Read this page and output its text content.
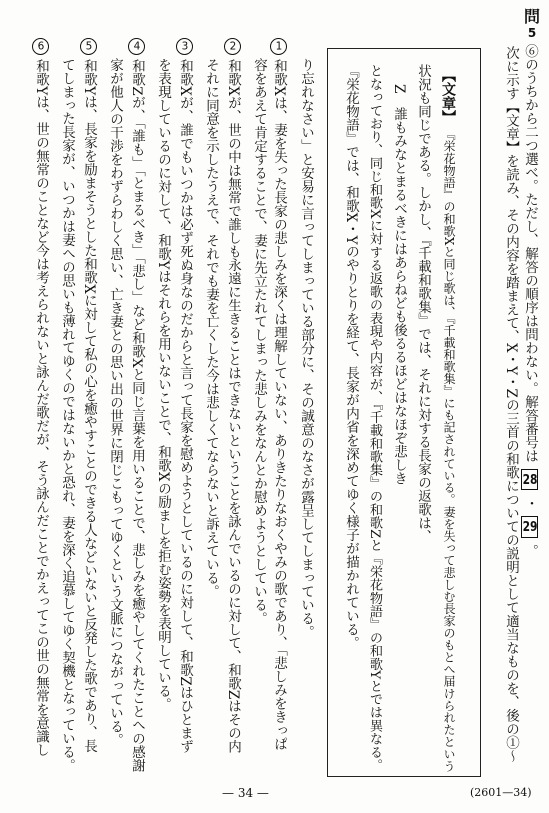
問
5

次に示す【文章】を読み、その内容を踏まえて、X・Y・Zの三首の和歌についての説明として適当なものを、後の①〜 ⑥のうちから二つ選べ。ただし、解答の順序は問わない。解答番号は 28 ・ 29 。

【文章】

『栄花物語』の和歌Xと同じ歌は、『千載和歌集』にも記されている。妻を失って悲しむ長家のもとへ届けられたという

状況も同じである。しかし、『千載和歌集』では、それに対する長家の返歌は、

Z　誰もみなとまるべきにはあらねども後るるほどはなほぞ悲しき

となっており、同じ和歌Xに対する返歌の表現や内容が、『千載和歌集』の和歌Zと『栄花物語』の和歌Yとでは異なる。

『栄花物語』では、和歌X・Yのやりとりを経て、長家が内省を深めてゆく様子が描かれている。

1 和歌Xは、妻を失った長家の悲しみを深くは理解していない、ありきたりなおくやみの歌であり、「悲しみをきっぱ り忘れなさい」と安易に言ってしまっている部分に、その誠意のなさが露呈してしまっている。

2 和歌Xが、世の中は無常で誰しも永遠に生きることはできないということを詠んでいるのに対して、和歌Zはその内 容をあえて肯定することで、妻に先立たれてしまった悲しみをなんとか慰めようとしている。

3 和歌Xが、誰でもいつかは必ず死ぬ身なのだからと言って長家を慰めようとしているのに対して、和歌Zはひとまず それに同意を示したうえで、それでも妻を亡くした今は悲しくてならないと訴えている。

4 和歌Zが、「誰も」「とまるべき」「悲し」など和歌Xと同じ言葉を用いることで、悲しみを癒やしてくれたことへの感謝 を表現しているのに対して、和歌Yはそれらを用いないことで、和歌Xの励ましを拒む姿勢を表明している。

5 和歌Yは、長家を励まそうとした和歌Xに対して私の心を癒やすことのできる人などいないと反発した歌であり、長 家が他人の干渉をわずらわしく思い、亡き妻との思い出の世界に閉じこもってゆくという文脈につながっている。

6 和歌Yは、世の無常のことなど今は考えられないと詠んだ歌だが、そう詠んだことでかえってこの世の無常を意識し てしまった長家が、いつかは妻への思いも薄れてゆくのではないかと恐れ、妻を深く追慕してゆく契機となっている。

— 34 —	(2601—34)
